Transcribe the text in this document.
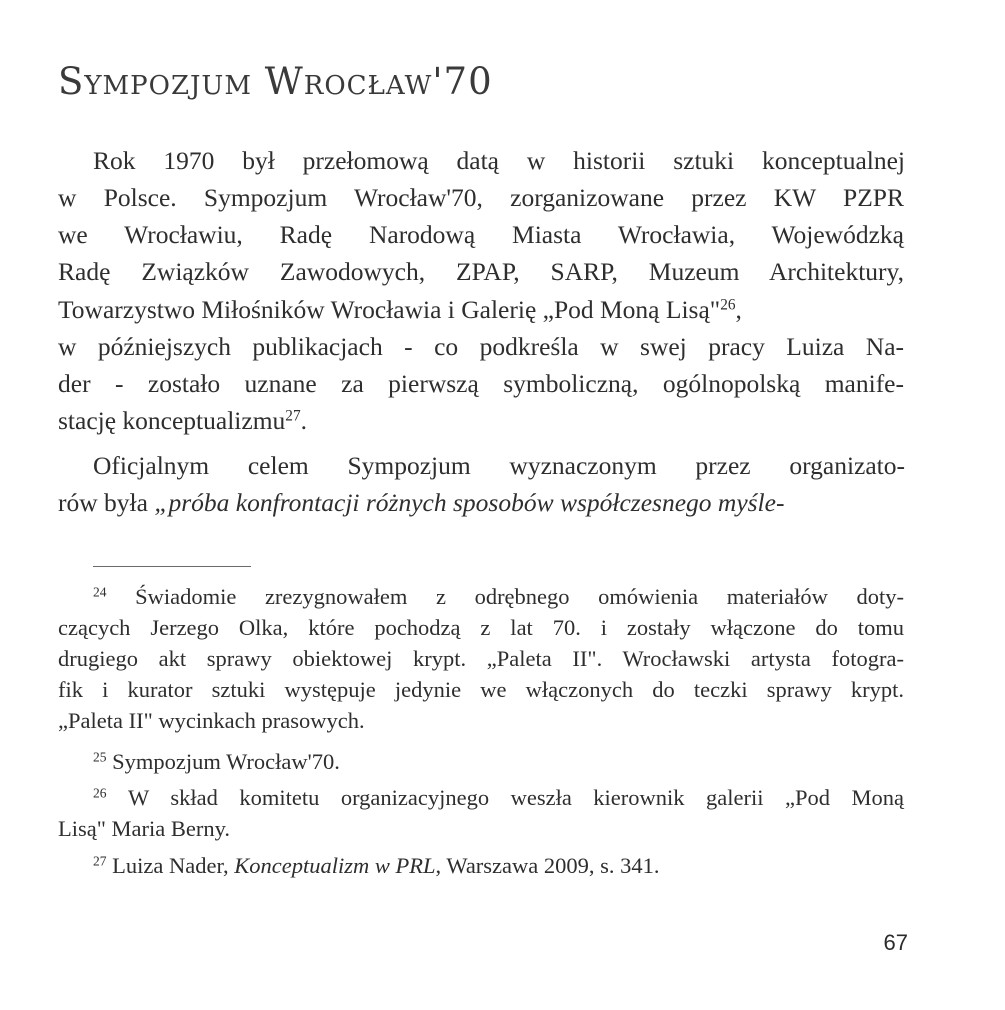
Sympozjum Wrocław'70
Rok 1970 był przełomową datą w historii sztuki konceptualnej
w Polsce. Sympozjum Wrocław'70, zorganizowane przez KW PZPR
we Wrocławiu, Radę Narodową Miasta Wrocławia, Wojewódzką
Radę Związków Zawodowych, ZPAP, SARP, Muzeum Architektury,
Towarzystwo Miłośników Wrocławia i Galerię „Pod Moną Lisą"$^{26}$,
w późniejszych publikacjach - co podkreśla w swej pracy Luiza Na-
der - zostało uznane za pierwszą symboliczną, ogólnopolską manife-
stację konceptualizmu$^{27}$.
Oficjalnym celem Sympozjum wyznaczonym przez organizato-
rów była „próba konfrontacji różnych sposobów współczesnego myśle-
$^{24}$ Świadomie zrezygnowałem z odrębnego omówienia materiałów doty-
czących Jerzego Olka, które pochodzą z lat 70. i zostały włączone do tomu
drugiego akt sprawy obiektowej krypt. „Paleta II". Wrocławski artysta fotogra-
fik i kurator sztuki występuje jedynie we włączonych do teczki sprawy krypt.
„Paleta II" wycinkach prasowych.
$^{25}$ Sympozjum Wrocław'70.
$^{26}$ W skład komitetu organizacyjnego weszła kierownik galerii „Pod Moną
Lisą" Maria Berny.
$^{27}$ Luiza Nader, Konceptualizm w PRL, Warszawa 2009, s. 341.
67
